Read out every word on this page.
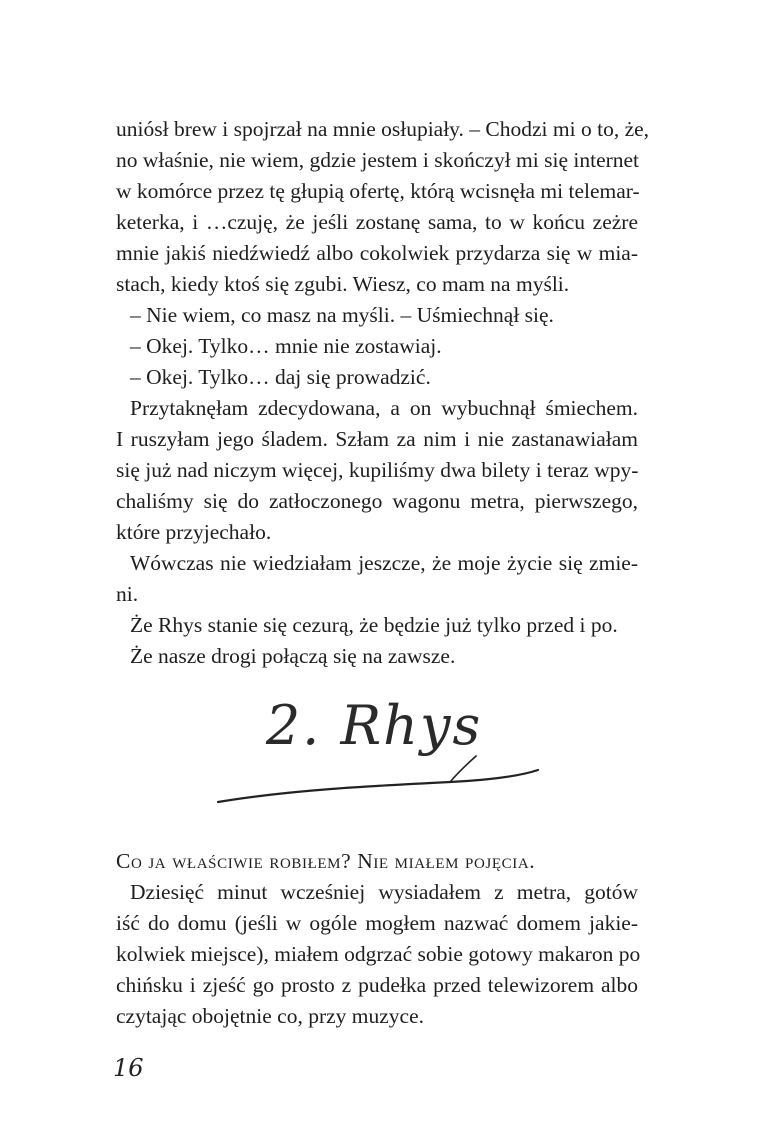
uniósł brew i spojrzał na mnie osłupiały. – Chodzi mi o to, że,
no właśnie, nie wiem, gdzie jestem i skończył mi się internet
w komórce przez tę głupią ofertę, którą wcisnęła mi telemar-
keterka, i …czuję, że jeśli zostanę sama, to w końcu zeżre
mnie jakiś niedźwiedź albo cokolwiek przydarza się w mia-
stach, kiedy ktoś się zgubi. Wiesz, co mam na myśli.
– Nie wiem, co masz na myśli. – Uśmiechnął się.
– Okej. Tylko… mnie nie zostawiaj.
– Okej. Tylko… daj się prowadzić.
Przytaknęłam zdecydowana, a on wybuchnął śmiechem.
I ruszyłam jego śladem. Szłam za nim i nie zastanawiałam
się już nad niczym więcej, kupiliśmy dwa bilety i teraz wpy-
chaliśmy się do zatłoczonego wagonu metra, pierwszego,
które przyjechało.
Wówczas nie wiedziałam jeszcze, że moje życie się zmie-
ni.
Że Rhys stanie się cezurą, że będzie już tylko przed i po.
Że nasze drogi połączą się na zawsze.
2. Rhys
Co ja właściwie robiłem? Nie miałem pojęcia.
Dziesięć minut wcześniej wysiadałem z metra, gotów
iść do domu (jeśli w ogóle mogłem nazwać domem jakie-
kolwiek miejsce), miałem odgrzać sobie gotowy makaron po
chińsku i zjeść go prosto z pudełka przed telewizorem albo
czytając obojętnie co, przy muzyce.
16
